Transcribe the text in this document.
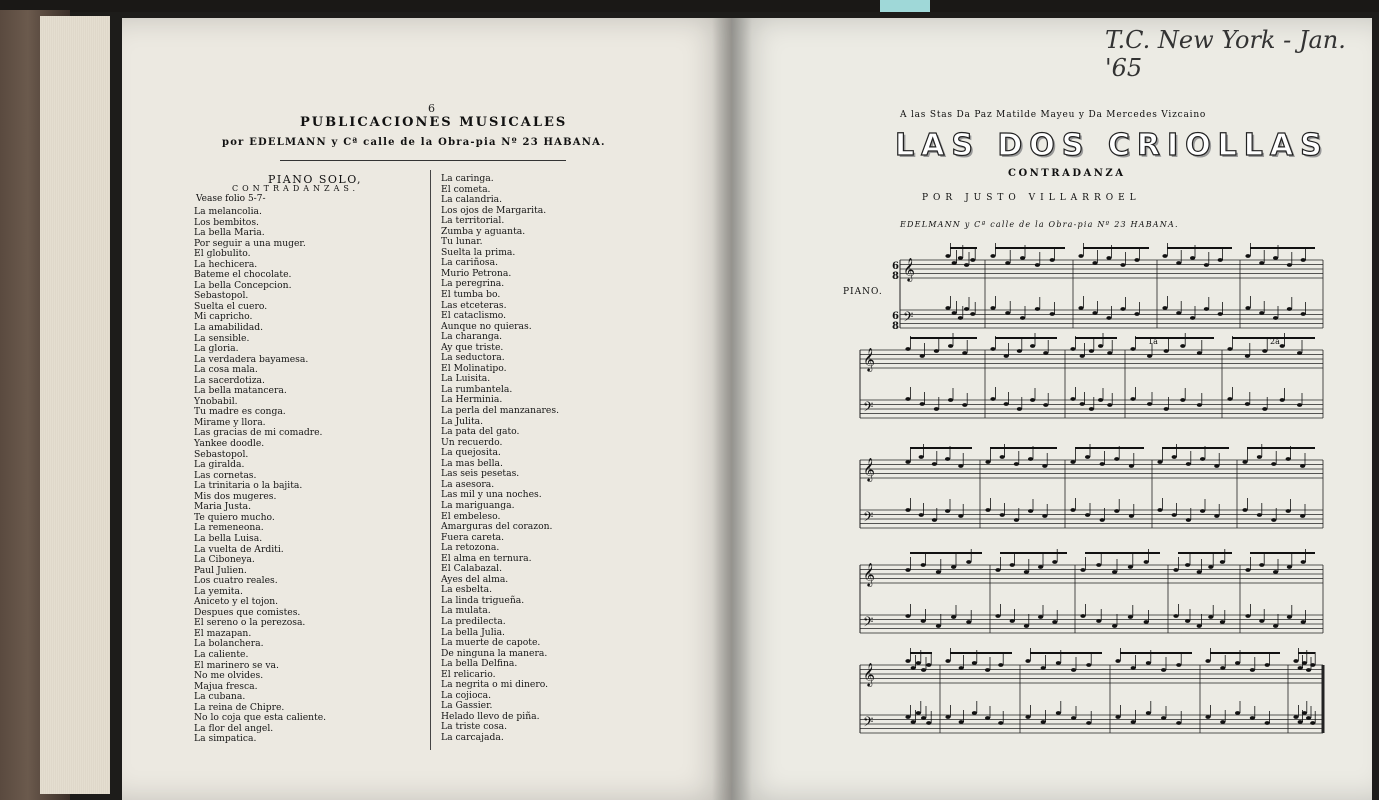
6
PUBLICACIONES MUSICALES
por EDELMANN y Cª calle de la Obra-pia Nº 23 HABANA.
PIANO SOLO,
CONTRADANZAS.
Vease folio 5-7-
La melancolia.
Los bembitos.
La bella Maria.
Por seguir a una muger.
El globulito.
La hechicera.
Bateme el chocolate.
La bella Concepcion.
Sebastopol.
Suelta el cuero.
Mi capricho.
La amabilidad.
La sensible.
La gloria.
La verdadera bayamesa.
La cosa mala.
La sacerdotiza.
La bella matancera.
Ynobabil.
Tu madre es conga.
Mirame y llora.
Las gracias de mi comadre.
Yankee doodle.
Sebastopol.
La giralda.
Las cornetas.
La trinitaria o la bajita.
Mis dos mugeres.
Maria Justa.
Te quiero mucho.
La remeneona.
La bella Luisa.
La vuelta de Arditi.
La Ciboneya.
Paul Julien.
Los cuatro reales.
La yemita.
Aniceto y el tojon.
Despues que comistes.
El sereno o la perezosa.
El mazapan.
La bolanchera.
La caliente.
El marinero se va.
No me olvides.
Majua fresca.
La cubana.
La reina de Chipre.
No lo coja que esta caliente.
La flor del angel.
La simpatica.
La caringa.
El cometa.
La calandria.
Los ojos de Margarita.
La territorial.
Zumba y aguanta.
Tu lunar.
Suelta la prima.
La cariñosa.
Murio Petrona.
La peregrina.
El tumba bo.
Las etceteras.
El cataclismo.
Aunque no quieras.
La charanga.
Ay que triste.
La seductora.
El Molinatipo.
La Luisita.
La rumbantela.
La Herminia.
La perla del manzanares.
La Julita.
La pata del gato.
Un recuerdo.
La quejosita.
La mas bella.
Las seis pesetas.
La asesora.
Las mil y una noches.
La mariguanga.
El embeleso.
Amarguras del corazon.
Fuera careta.
La retozona.
El alma en ternura.
El Calabazal.
Ayes del alma.
La esbelta.
La linda trigueña.
La mulata.
La predilecta.
La bella Julia.
La muerte de capote.
De ninguna la manera.
La bella Delfina.
El relicario.
La negrita o mi dinero.
La cojioca.
La Gassier.
Helado llevo de piña.
La triste cosa.
La carcajada.
T.C. New York - Jan. '65
A las Stas Da Paz Matilde Mayeu y Da Mercedes Vizcaino
LAS DOS CRIOLLAS
CONTRADANZA
POR JUSTO VILLARROEL
EDELMANN y Cª calle de la Obra-pia Nº 23 HABANA.
PIANO.
𝄞
𝄢
𝄞
𝄢
𝄞
𝄢
𝄞
𝄢
𝄞
𝄢
6
8
6
8
1a	2a
